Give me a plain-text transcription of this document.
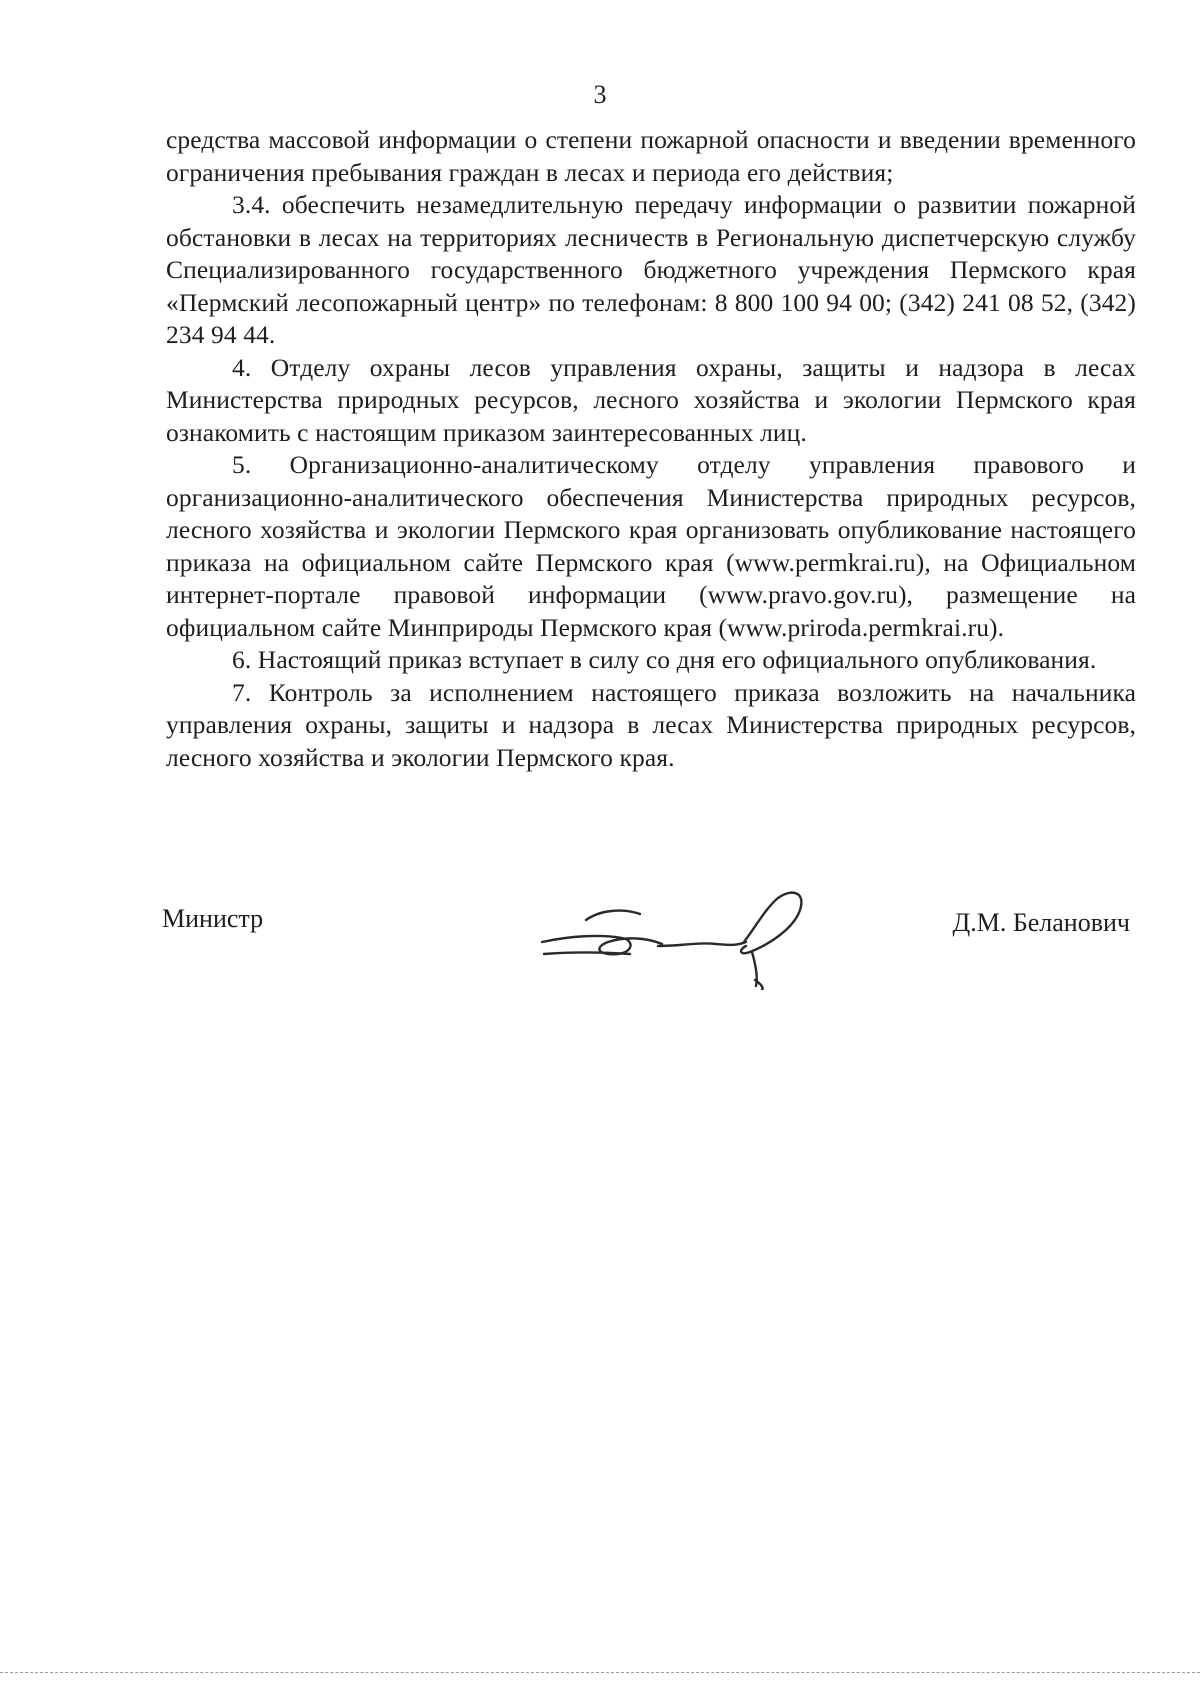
3

средства массовой информации о степени пожарной опасности и введении временного ограничения пребывания граждан в лесах и периода его действия;

3.4. обеспечить незамедлительную передачу информации о развитии пожарной обстановки в лесах на территориях лесничеств в Региональную диспетчерскую службу Специализированного государственного бюджетного учреждения Пермского края «Пермский лесопожарный центр» по телефонам: 8 800 100 94 00; (342) 241 08 52, (342) 234 94 44.

4. Отделу охраны лесов управления охраны, защиты и надзора в лесах Министерства природных ресурсов, лесного хозяйства и экологии Пермского края ознакомить с настоящим приказом заинтересованных лиц.

5. Организационно-аналитическому отделу управления правового и организационно-аналитического обеспечения Министерства природных ресурсов, лесного хозяйства и экологии Пермского края организовать опубликование настоящего приказа на официальном сайте Пермского края (www.permkrai.ru), на Официальном интернет-портале правовой информации (www.pravo.gov.ru), размещение на официальном сайте Минприроды Пермского края (www.priroda.permkrai.ru).

6. Настоящий приказ вступает в силу со дня его официального опубликования.

7. Контроль за исполнением настоящего приказа возложить на начальника управления охраны, защиты и надзора в лесах Министерства природных ресурсов, лесного хозяйства и экологии Пермского края.

Министр	Д.М. Беланович
